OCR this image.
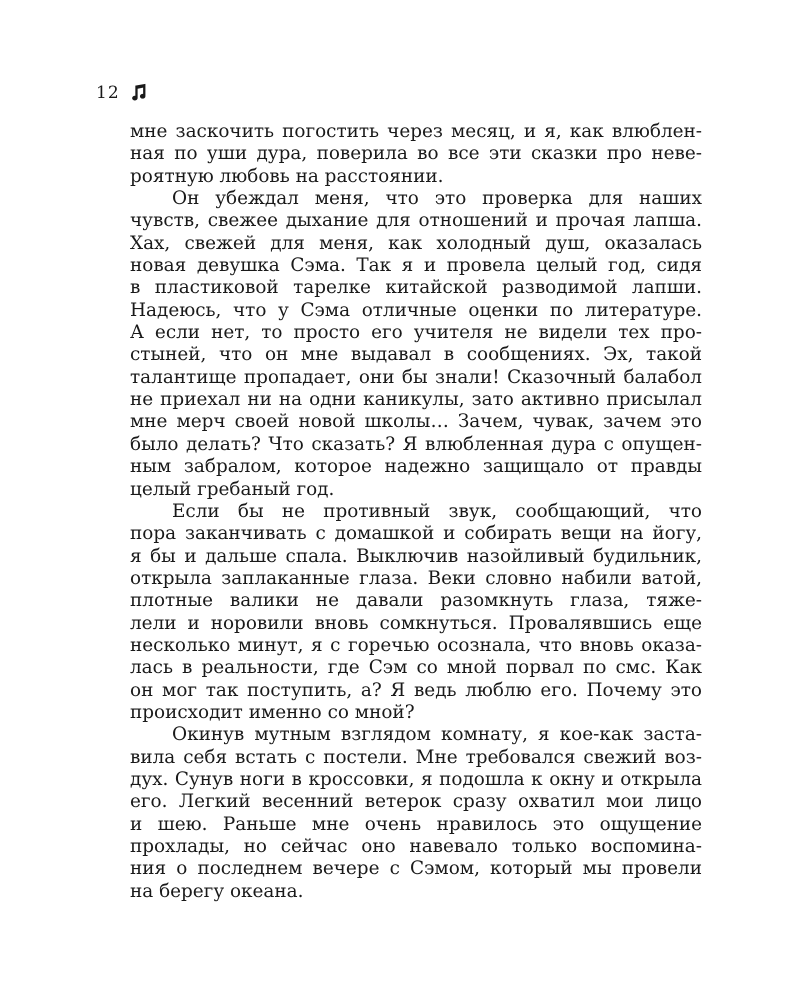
12
мне заскочить погостить через месяц, и я, как влюблен-
ная по уши дура, поверила во все эти сказки про неве-
роятную любовь на расстоянии.
Он убеждал меня, что это проверка для наших
чувств, свежее дыхание для отношений и прочая лапша.
Хах, свежей для меня, как холодный душ, оказалась
новая девушка Сэма. Так я и провела целый год, сидя
в пластиковой тарелке китайской разводимой лапши.
Надеюсь, что у Сэма отличные оценки по литературе.
А если нет, то просто его учителя не видели тех про-
стыней, что он мне выдавал в сообщениях. Эх, такой
талантище пропадает, они бы знали! Сказочный балабол
не приехал ни на одни каникулы, зато активно присылал
мне мерч своей новой школы… Зачем, чувак, зачем это
было делать? Что сказать? Я влюбленная дура с опущен-
ным забралом, которое надежно защищало от правды
целый гребаный год.
Если бы не противный звук, сообщающий, что
пора заканчивать с домашкой и собирать вещи на йогу,
я бы и дальше спала. Выключив назойливый будильник,
открыла заплаканные глаза. Веки словно набили ватой,
плотные валики не давали разомкнуть глаза, тяже-
лели и норовили вновь сомкнуться. Провалявшись еще
несколько минут, я с горечью осознала, что вновь оказа-
лась в реальности, где Сэм со мной порвал по смс. Как
он мог так поступить, а? Я ведь люблю его. Почему это
происходит именно со мной?
Окинув мутным взглядом комнату, я кое-как заста-
вила себя встать с постели. Мне требовался свежий воз-
дух. Сунув ноги в кроссовки, я подошла к окну и открыла
его. Легкий весенний ветерок сразу охватил мои лицо
и шею. Раньше мне очень нравилось это ощущение
прохлады, но сейчас оно навевало только воспомина-
ния о последнем вечере с Сэмом, который мы провели
на берегу океана.
